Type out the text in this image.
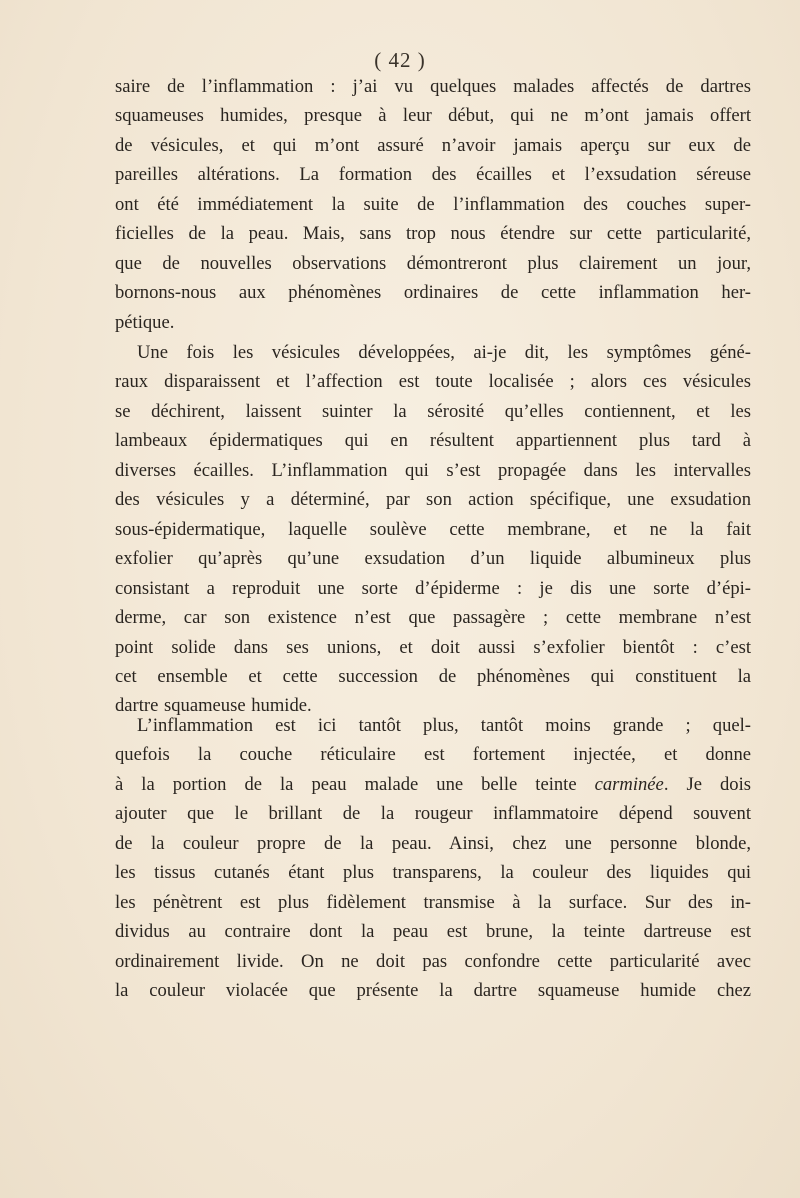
( 42 )
saire de l’inflammation : j’ai vu quelques malades affectés de dartres
squameuses humides, presque à leur début, qui ne m’ont jamais offert
de vésicules, et qui m’ont assuré n’avoir jamais aperçu sur eux de
pareilles altérations. La formation des écailles et l’exsudation séreuse
ont été immédiatement la suite de l’inflammation des couches super-
ficielles de la peau. Mais, sans trop nous étendre sur cette particularité,
que de nouvelles observations démontreront plus clairement un jour,
bornons-nous aux phénomènes ordinaires de cette inflammation her-
pétique.
Une fois les vésicules développées, ai-je dit, les symptômes géné-
raux disparaissent et l’affection est toute localisée ; alors ces vésicules
se déchirent, laissent suinter la sérosité qu’elles contiennent, et les
lambeaux épidermatiques qui en résultent appartiennent plus tard à
diverses écailles. L’inflammation qui s’est propagée dans les intervalles
des vésicules y a déterminé, par son action spécifique, une exsudation
sous-épidermatique, laquelle soulève cette membrane, et ne la fait
exfolier qu’après qu’une exsudation d’un liquide albumineux plus
consistant a reproduit une sorte d’épiderme : je dis une sorte d’épi-
derme, car son existence n’est que passagère ; cette membrane n’est
point solide dans ses unions, et doit aussi s’exfolier bientôt : c’est
cet ensemble et cette succession de phénomènes qui constituent la
dartre squameuse humide.
L’inflammation est ici tantôt plus, tantôt moins grande ; quel-
quefois la couche réticulaire est fortement injectée, et donne
à la portion de la peau malade une belle teinte carminée. Je dois
ajouter que le brillant de la rougeur inflammatoire dépend souvent
de la couleur propre de la peau. Ainsi, chez une personne blonde,
les tissus cutanés étant plus transparens, la couleur des liquides qui
les pénètrent est plus fidèlement transmise à la surface. Sur des in-
dividus au contraire dont la peau est brune, la teinte dartreuse est
ordinairement livide. On ne doit pas confondre cette particularité avec
la couleur violacée que présente la dartre squameuse humide chez
